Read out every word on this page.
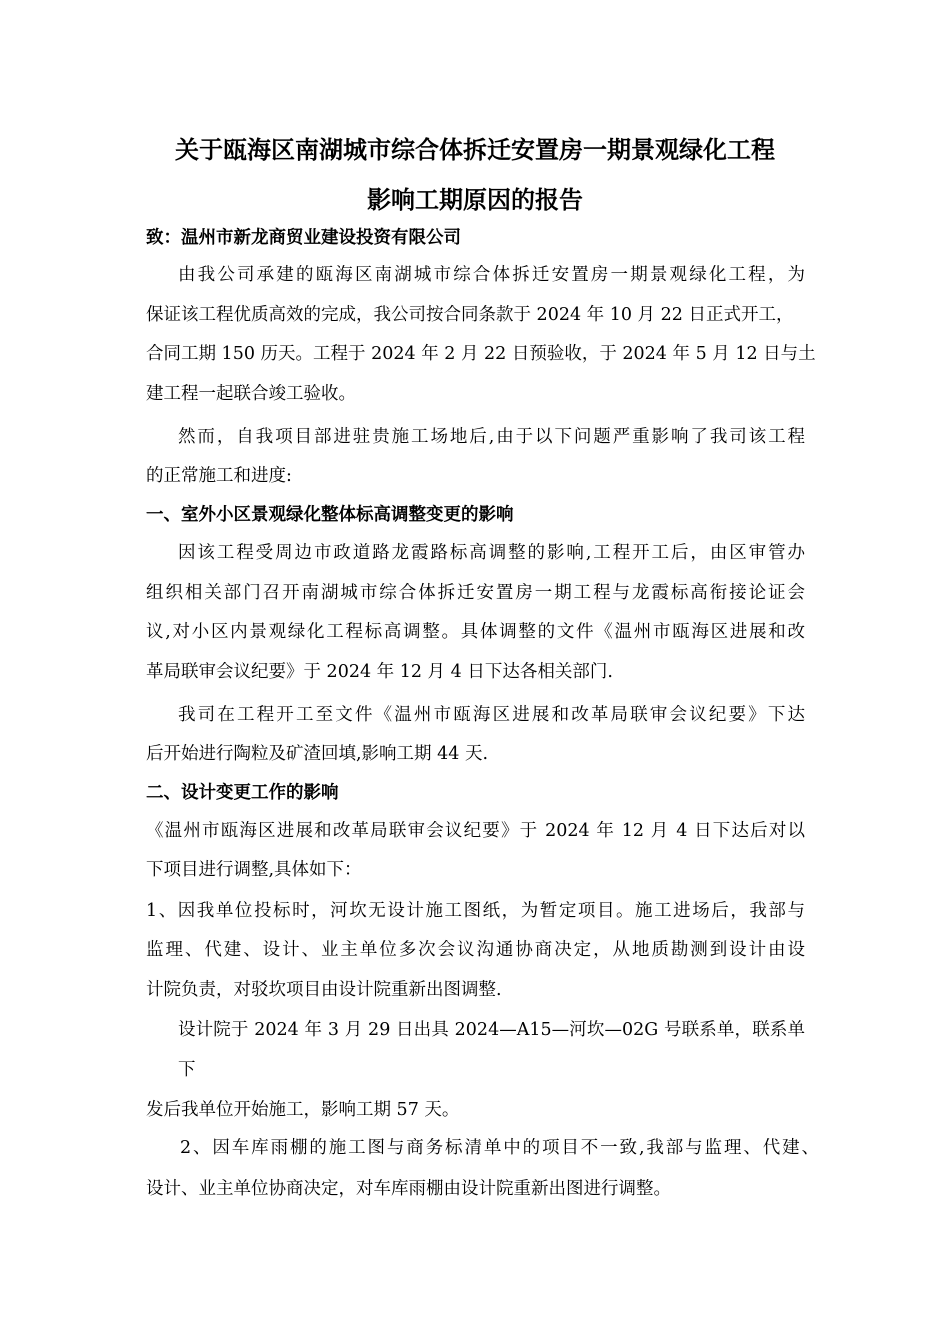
关于瓯海区南湖城市综合体拆迁安置房一期景观绿化工程
影响工期原因的报告

致：温州市新龙商贸业建设投资有限公司

由我公司承建的瓯海区南湖城市综合体拆迁安置房一期景观绿化工程，为

保证该工程优质高效的完成，我公司按合同条款于 2024 年 10 月 22 日正式开工，

合同工期 150 历天。工程于 2024 年 2 月 22 日预验收，于 2024 年 5 月 12 日与土

建工程一起联合竣工验收。

然而，自我项目部进驻贵施工场地后,由于以下问题严重影响了我司该工程

的正常施工和进度:

一、室外小区景观绿化整体标高调整变更的影响

因该工程受周边市政道路龙霞路标高调整的影响,工程开工后，由区审管办

组织相关部门召开南湖城市综合体拆迁安置房一期工程与龙霞标高衔接论证会

议,对小区内景观绿化工程标高调整。具体调整的文件《温州市瓯海区进展和改

革局联审会议纪要》于 2024 年 12 月 4 日下达各相关部门.

我司在工程开工至文件《温州市瓯海区进展和改革局联审会议纪要》下达

后开始进行陶粒及矿渣回填,影响工期 44 天.

二、设计变更工作的影响

《温州市瓯海区进展和改革局联审会议纪要》于 2024 年 12 月 4 日下达后对以

下项目进行调整,具体如下：

1、因我单位投标时，河坎无设计施工图纸，为暂定项目。施工进场后，我部与

监理、代建、设计、业主单位多次会议沟通协商决定，从地质勘测到设计由设

计院负责，对驳坎项目由设计院重新出图调整.

设计院于 2024 年 3 月 29 日出具 2024—A15—河坎—02G 号联系单，联系单

下

发后我单位开始施工，影响工期 57 天。

2、因车库雨棚的施工图与商务标清单中的项目不一致,我部与监理、代建、

设计、业主单位协商决定，对车库雨棚由设计院重新出图进行调整。
